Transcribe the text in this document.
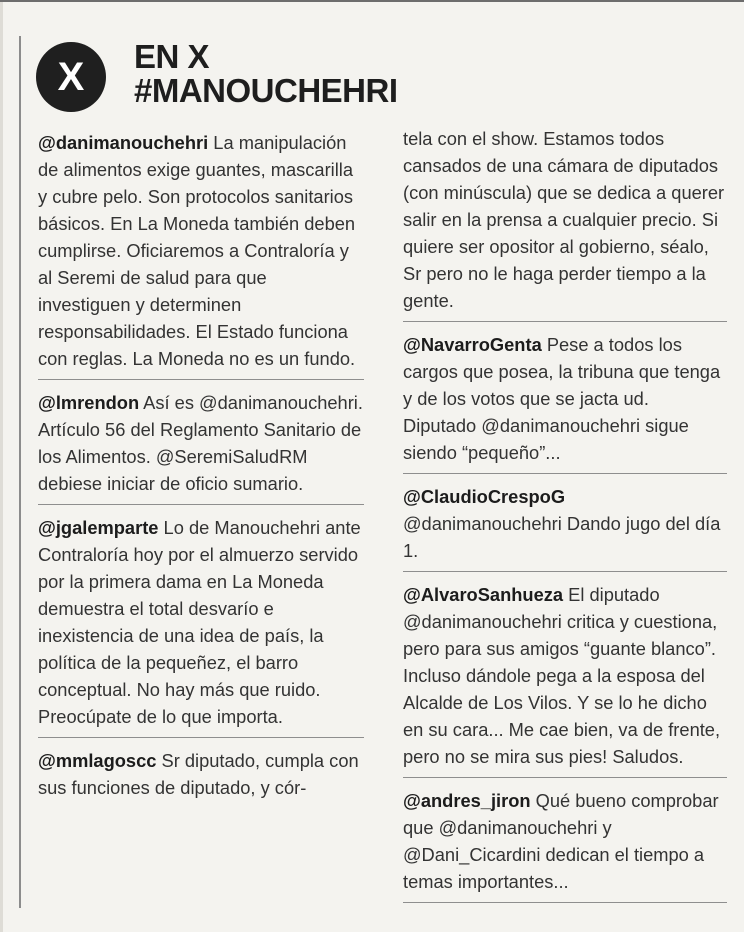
X	EN X
#MANOUCHEHRI
@danimanouchehri La manipulación de alimentos exige guantes, mascarilla y cubre pelo. Son protocolos sanitarios básicos. En La Moneda también deben cumplirse. Oficiaremos a Contraloría y al Seremi de salud para que investiguen y determinen responsabilidades. El Estado funciona con reglas. La Moneda no es un fundo.
@lmrendon Así es @danimanouchehri. Artículo 56 del Reglamento Sanitario de los Alimentos. @SeremiSaludRM debiese iniciar de oficio sumario.
@jgalemparte Lo de Manouchehri ante Contraloría hoy por el almuerzo servido por la primera dama en La Moneda demuestra el total desvarío e inexistencia de una idea de país, la política de la pequeñez, el barro conceptual. No hay más que ruido. Preocúpate de lo que importa.
@mmlagoscc Sr diputado, cumpla con sus funciones de diputado, y cór-
tela con el show. Estamos todos cansados de una cámara de diputados (con minúscula) que se dedica a querer salir en la prensa a cualquier precio. Si quiere ser opositor al gobierno, séalo, Sr pero no le haga perder tiempo a la gente.
@NavarroGenta Pese a todos los cargos que posea, la tribuna que tenga y de los votos que se jacta ud. Diputado @danimanouchehri sigue siendo “pequeño”...
@ClaudioCrespoG @danimanouchehri Dando jugo del día 1.
@AlvaroSanhueza El diputado @danimanouchehri critica y cuestiona, pero para sus amigos “guante blanco”. Incluso dándole pega a la esposa del Alcalde de Los Vilos. Y se lo he dicho en su cara... Me cae bien, va de frente, pero no se mira sus pies! Saludos.
@andres_jiron Qué bueno comprobar que @danimanouchehri y @Dani_Cicardini dedican el tiempo a temas importantes...
